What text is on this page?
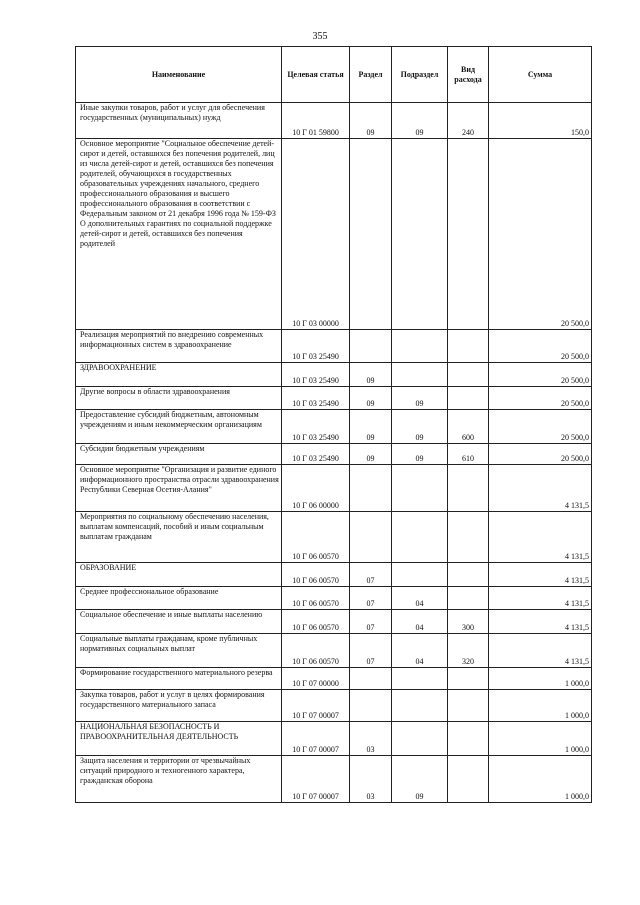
355
Наименование	Целевая статья	Раздел	Подраздел	Вид расхода	Сумма
Иные закупки товаров, работ и услуг для обеспечения государственных (муниципальных) нужд	10 Г 01 59800	09	09	240	150,0
Основное мероприятие "Социальное обеспечение детей-сирот и детей, оставшихся без попечения родителей, лиц из числа детей-сирот и детей, оставшихся без попечения родителей, обучающихся в государственных образовательных учреждениях начального, среднего профессионального образования и высшего профессионального образования в соответствии с Федеральным законом от 21 декабря 1996 года № 159-ФЗ О дополнительных гарантиях по социальной поддержке детей-сирот и детей, оставшихся без попечения родителей	10 Г 03 00000				20 500,0
Реализация мероприятий по внедрению современных информационных систем в здравоохранение	10 Г 03 25490				20 500,0
ЗДРАВООХРАНЕНИЕ	10 Г 03 25490	09			20 500,0
Другие вопросы в области здравоохранения	10 Г 03 25490	09	09		20 500,0
Предоставление субсидий бюджетным, автономным учреждениям и иным некоммерческим организациям	10 Г 03 25490	09	09	600	20 500,0
Субсидии бюджетным учреждениям	10 Г 03 25490	09	09	610	20 500,0
Основное мероприятие "Организация и развитие единого информационного пространства отрасли здравоохранения Республики Северная Осетия-Алания"	10 Г 06 00000				4 131,5
Мероприятия по социальному обеспечению населения, выплатам компенсаций, пособий и иным социальным выплатам гражданам	10 Г 06 00570				4 131,5
ОБРАЗОВАНИЕ	10 Г 06 00570	07			4 131,5
Среднее профессиональное образование	10 Г 06 00570	07	04		4 131,5
Социальное обеспечение и иные выплаты населению	10 Г 06 00570	07	04	300	4 131,5
Социальные выплаты гражданам, кроме публичных нормативных социальных выплат	10 Г 06 00570	07	04	320	4 131,5
Формирование государственного материального резерва	10 Г 07 00000				1 000,0
Закупка товаров, работ и услуг в целях формирования государственного материального запаса	10 Г 07 00007				1 000,0
НАЦИОНАЛЬНАЯ БЕЗОПАСНОСТЬ И ПРАВООХРАНИТЕЛЬНАЯ ДЕЯТЕЛЬНОСТЬ	10 Г 07 00007	03			1 000,0
Защита населения и территории от чрезвычайных ситуаций природного и техногенного характера, гражданская оборона	10 Г 07 00007	03	09		1 000,0
